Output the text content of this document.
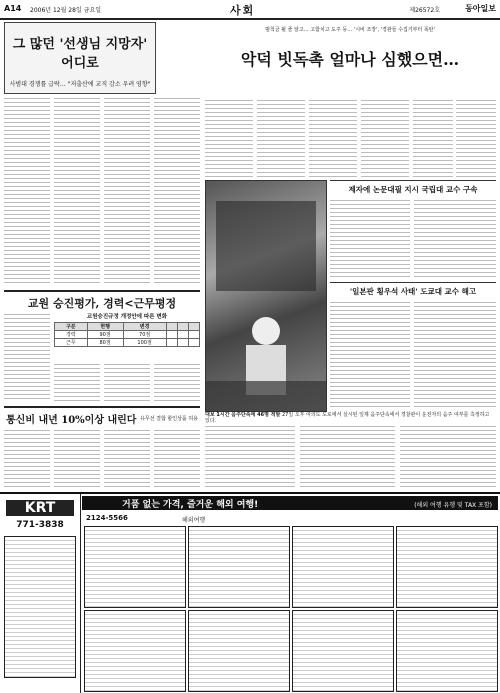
A14 2006년 12월 28일 금요일	사회	제26572호	동아일보
그 많던 '선생님 지망자' 어디로
사범대 경쟁률 급락… "저출산에 교직 감소 우려 영향"
범칙금 될 줄 알고… 고함치고 도주 등… '시비 조장', '경관들 수집기부터 폭탄'
악덕 빗독촉 얼마나 심했으면…
제자에 논문대필 지시 국립대 교수 구속
대보 1시간 음주단속에 46명 적발 27일 오후 여의도 도로에서 실시된 일제 음주단속에서 경찰관이 운전자의 음주 여부를 측정하고 있다.
'일본판 횡우석 사태' 도쿄대 교수 해고
교원 승진평가, 경력<근무평정
교원승진규정 개정안에 따른 변화
구분	현행	변경			
경력	90점	70점			
근무	80점	100점			
통신비 내년 10%이상 내린다 유무선 결합 할인상품 허용
KRT
771-3838
거품 없는 가격, 즐거운 해외 여행!	(해외 여행 유행 및 TAX 포함)
2124-5566	해외여행
